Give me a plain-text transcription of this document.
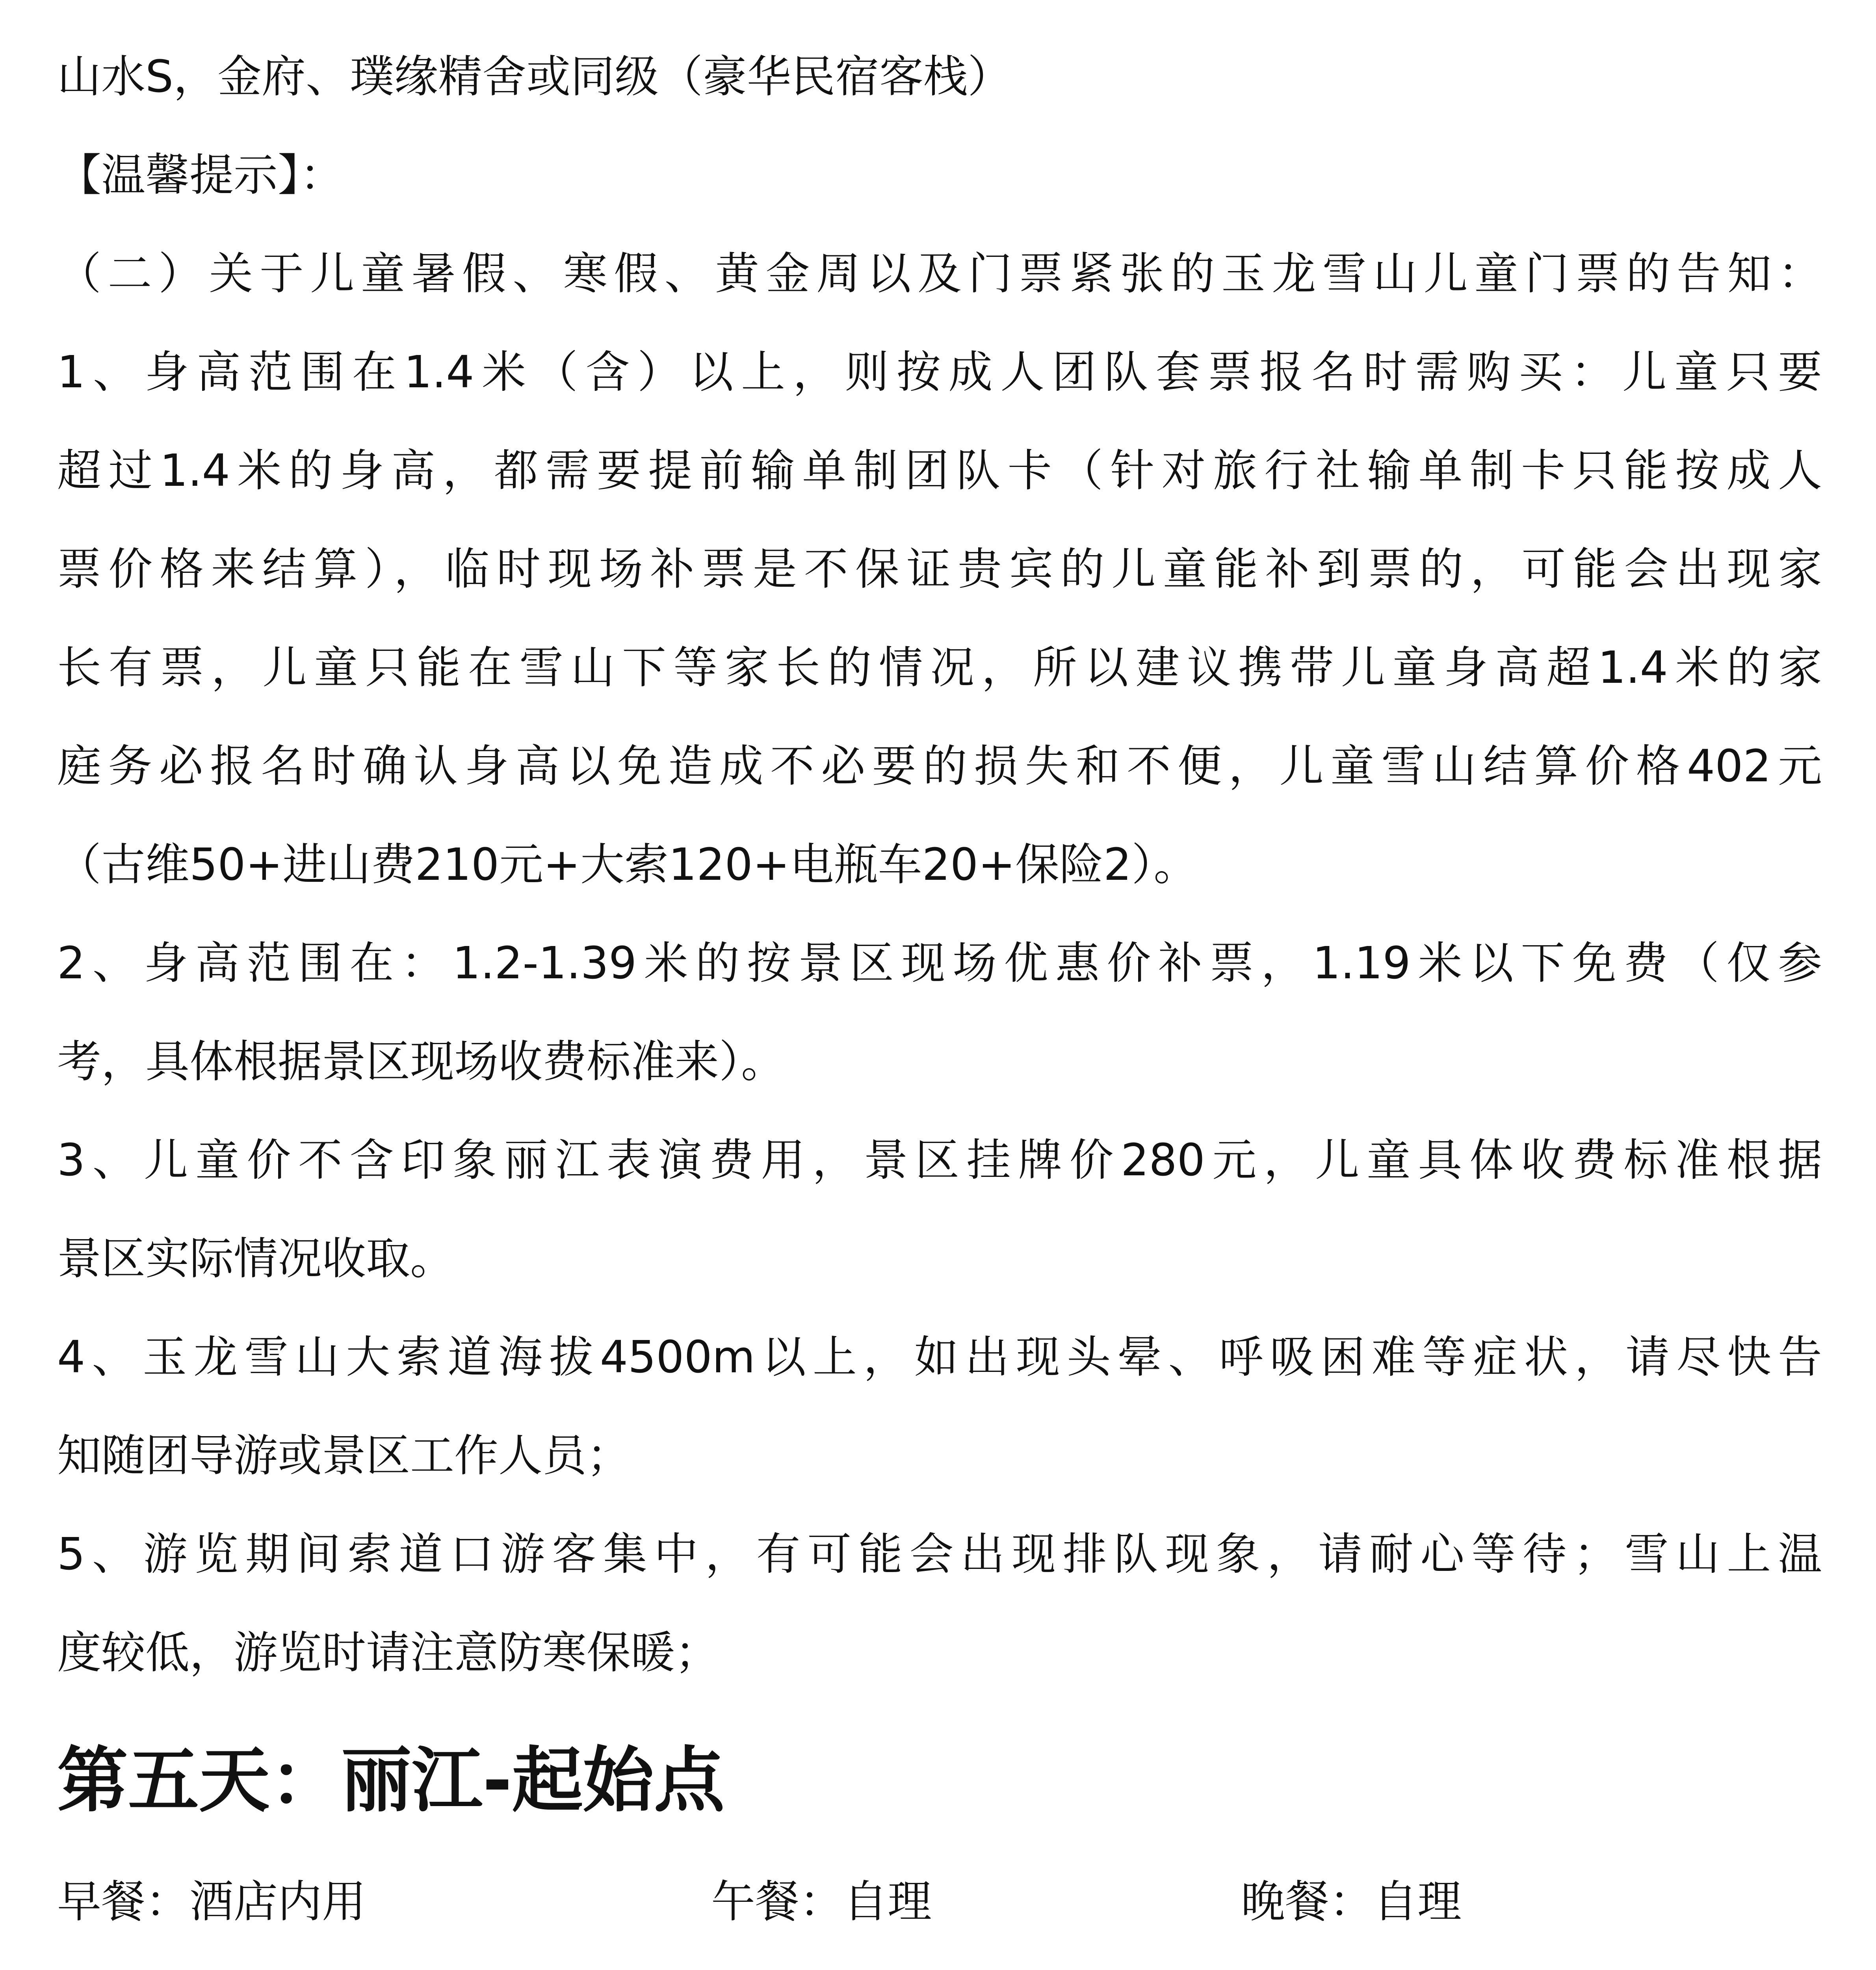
山水S，金府、璞缘精舍或同级（豪华民宿客栈）
【温馨提示】：
（二）关于儿童暑假、寒假、黄金周以及门票紧张的玉龙雪山儿童门票的告知：
1、身高范围在1.4米（含）以上，则按成人团队套票报名时需购买：儿童只要
超过1.4米的身高，都需要提前输单制团队卡（针对旅行社输单制卡只能按成人
票价格来结算），临时现场补票是不保证贵宾的儿童能补到票的，可能会出现家
长有票，儿童只能在雪山下等家长的情况，所以建议携带儿童身高超1.4米的家
庭务必报名时确认身高以免造成不必要的损失和不便，儿童雪山结算价格402元
（古维50+进山费210元+大索120+电瓶车20+保险2）。
2、身高范围在：1.2-1.39米的按景区现场优惠价补票，1.19米以下免费（仅参
考，具体根据景区现场收费标准来）。
3、儿童价不含印象丽江表演费用，景区挂牌价280元，儿童具体收费标准根据
景区实际情况收取。
4、玉龙雪山大索道海拔4500m以上，如出现头晕、呼吸困难等症状，请尽快告
知随团导游或景区工作人员；
5、游览期间索道口游客集中，有可能会出现排队现象，请耐心等待；雪山上温
度较低，游览时请注意防寒保暖；
第五天：丽江-起始点
早餐：酒店内用	午餐：自理	晚餐：自理
